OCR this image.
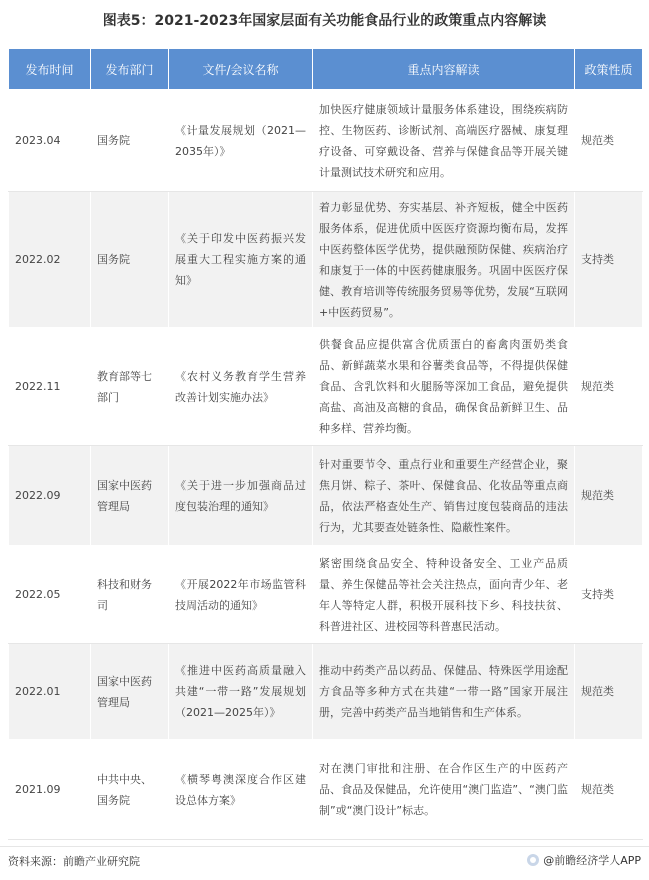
图表5：2021-2023年国家层面有关功能食品行业的政策重点内容解读
发布时间	发布部门	文件/会议名称	重点内容解读	政策性质
2023.04	国务院	《计量发展规划（2021—2035年）》	加快医疗健康领域计量服务体系建设，围绕疾病防控、生物医药、诊断试剂、高端医疗器械、康复理疗设备、可穿戴设备、营养与保健食品等开展关键计量测试技术研究和应用。	规范类
2022.02	国务院	《关于印发中医药振兴发展重大工程实施方案的通知》	着力彰显优势、夯实基层、补齐短板，健全中医药服务体系，促进优质中医医疗资源均衡布局，发挥中医药整体医学优势，提供融预防保健、疾病治疗和康复于一体的中医药健康服务。巩固中医医疗保健、教育培训等传统服务贸易等优势，发展“互联网+中医药贸易”。	支持类
2022.11	教育部等七部门	《农村义务教育学生营养改善计划实施办法》	供餐食品应提供富含优质蛋白的畜禽肉蛋奶类食品、新鲜蔬菜水果和谷薯类食品等，不得提供保健食品、含乳饮料和火腿肠等深加工食品，避免提供高盐、高油及高糖的食品，确保食品新鲜卫生、品种多样、营养均衡。	规范类
2022.09	国家中医药管理局	《关于进一步加强商品过度包装治理的通知》	针对重要节令、重点行业和重要生产经营企业，聚焦月饼、粽子、茶叶、保健食品、化妆品等重点商品，依法严格查处生产、销售过度包装商品的违法行为，尤其要查处链条性、隐蔽性案件。	规范类
2022.05	科技和财务司	《开展2022年市场监管科技周活动的通知》	紧密围绕食品安全、特种设备安全、工业产品质量、养生保健品等社会关注热点，面向青少年、老年人等特定人群，积极开展科技下乡、科技扶贫、科普进社区、进校园等科普惠民活动。	支持类
2022.01	国家中医药管理局	《推进中医药高质量融入共建“一带一路”发展规划（2021—2025年）》	推动中药类产品以药品、保健品、特殊医学用途配方食品等多种方式在共建“一带一路”国家开展注册，完善中药类产品当地销售和生产体系。	规范类
2021.09	中共中央、国务院	《横琴粤澳深度合作区建设总体方案》	对在澳门审批和注册、在合作区生产的中医药产品、食品及保健品，允许使用“澳门监造”、“澳门监制”或“澳门设计”标志。	规范类
资料来源：前瞻产业研究院	@前瞻经济学人APP
